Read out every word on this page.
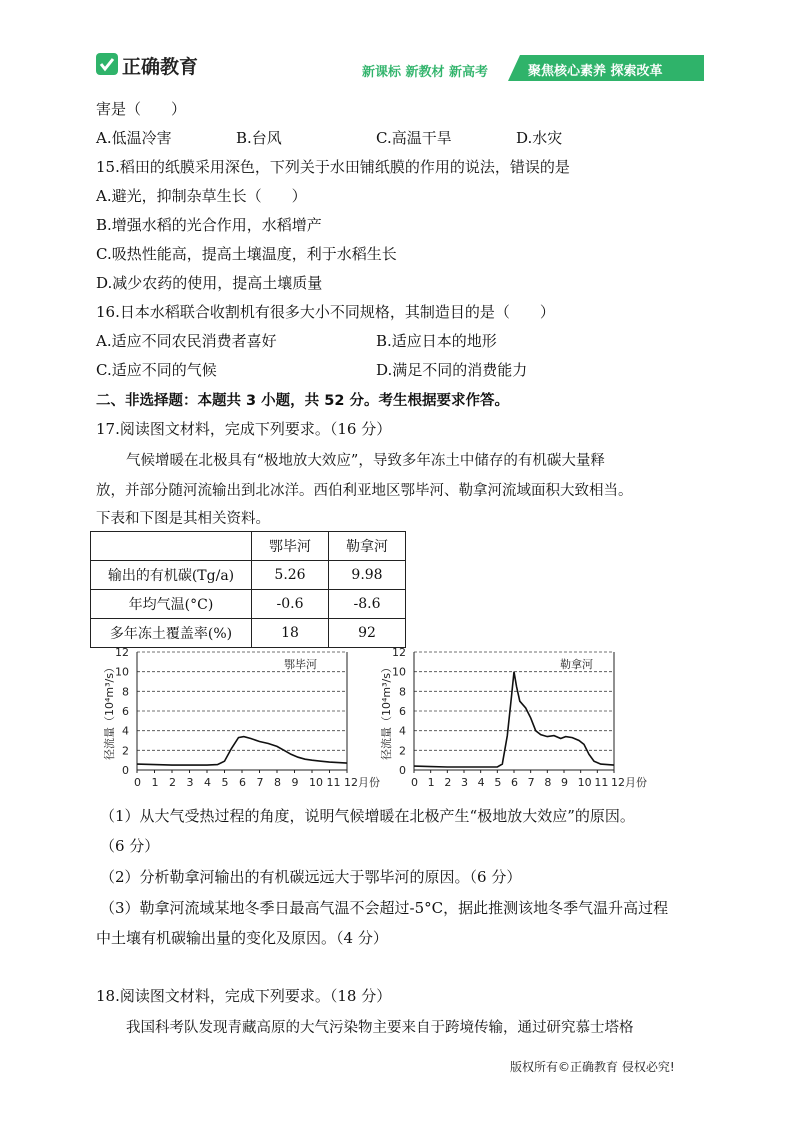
正确教育	新课标 新教材 新高考	聚焦核心素养 探索改革
害是（　　）
A.低温冷害	B.台风	C.高温干旱	D.水灾
15.稻田的纸膜采用深色，下列关于水田铺纸膜的作用的说法，错误的是
A.避光，抑制杂草生长（　　）
B.增强水稻的光合作用，水稻增产
C.吸热性能高，提高土壤温度，利于水稻生长
D.减少农药的使用，提高土壤质量
16.日本水稻联合收割机有很多大小不同规格，其制造目的是（　　）
A.适应不同农民消费者喜好	B.适应日本的地形
C.适应不同的气候	D.满足不同的消费能力
二、非选择题：本题共 3 小题，共 52 分。考生根据要求作答。
17.阅读图文材料，完成下列要求。（16 分）
气候增暖在北极具有“极地放大效应”，导致多年冻土中储存的有机碳大量释
放，并部分随河流输出到北冰洋。西伯利亚地区鄂毕河、勒拿河流域面积大致相当。
下表和下图是其相关资料。
	鄂毕河	勒拿河
输出的有机碳(Tg/a)	5.26	9.98
年均气温(°C)	-0.6	-8.6
多年冻土覆盖率(%)	18	92
0
2
4
6
8
10
12
0 1 2 3 4 5 6 7 8 9 10 11 12月份
径流量（10⁴m³/s）	鄂毕河
0
2
4
6
8
10
12
0 1 2 3 4 5 6 7 8 9 10 11 12月份
径流量（10⁴m³/s）	勒拿河
（1）从大气受热过程的角度，说明气候增暖在北极产生“极地放大效应”的原因。
（6 分）
（2）分析勒拿河输出的有机碳远远大于鄂毕河的原因。（6 分）
（3）勒拿河流域某地冬季日最高气温不会超过-5°C，据此推测该地冬季气温升高过程
中土壤有机碳输出量的变化及原因。（4 分）
18.阅读图文材料，完成下列要求。（18 分）
我国科考队发现青藏高原的大气污染物主要来自于跨境传输，通过研究慕士塔格
版权所有©正确教育 侵权必究!
